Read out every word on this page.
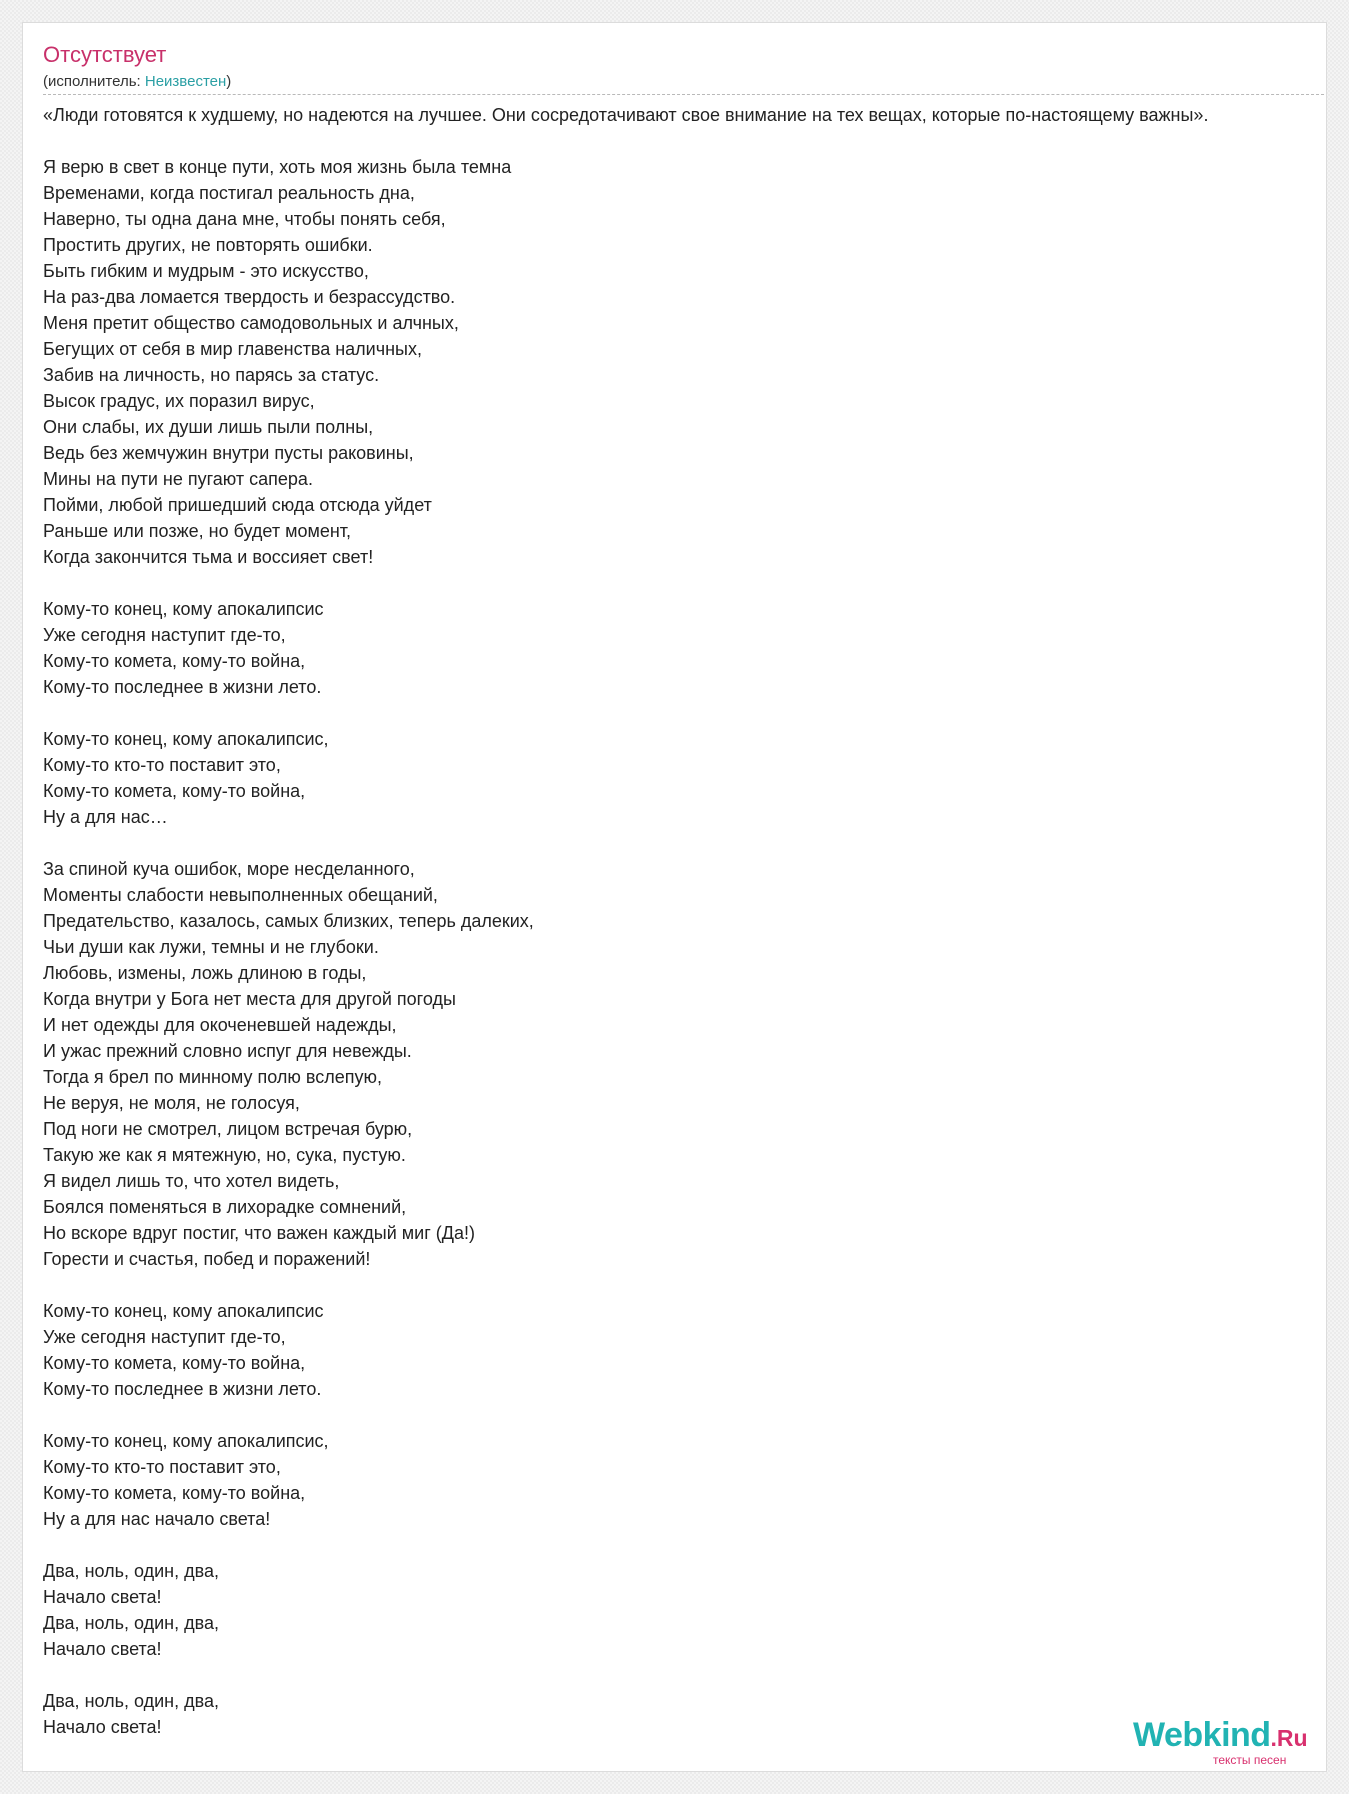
Отсутствует
(исполнитель: Неизвестен)
«Люди готовятся к худшему, но надеются на лучшее. Они сосредотачивают свое внимание на тех вещах, которые по-настоящему важны».
Я верю в свет в конце пути, хоть моя жизнь была темна
Временами, когда постигал реальность дна,
Наверно, ты одна дана мне, чтобы понять себя,
Простить других, не повторять ошибки.
Быть гибким и мудрым - это искусство,
На раз-два ломается твердость и безрассудство.
Меня претит общество самодовольных и алчных,
Бегущих от себя в мир главенства наличных,
Забив на личность, но парясь за статус.
Высок градус, их поразил вирус,
Они слабы, их души лишь пыли полны,
Ведь без жемчужин внутри пусты раковины,
Мины на пути не пугают сапера.
Пойми, любой пришедший сюда отсюда уйдет
Раньше или позже, но будет момент,
Когда закончится тьма и воссияет свет!
Кому-то конец, кому апокалипсис
Уже сегодня наступит где-то,
Кому-то комета, кому-то война,
Кому-то последнее в жизни лето.
Кому-то конец, кому апокалипсис,
Кому-то кто-то поставит это,
Кому-то комета, кому-то война,
Ну а для нас…
За спиной куча ошибок, море несделанного,
Моменты слабости невыполненных обещаний,
Предательство, казалось, самых близких, теперь далеких,
Чьи души как лужи, темны и не глубоки.
Любовь, измены, ложь длиною в годы,
Когда внутри у Бога нет места для другой погоды
И нет одежды для окоченевшей надежды,
И ужас прежний словно испуг для невежды.
Тогда я брел по минному полю вслепую,
Не веруя, не моля, не голосуя,
Под ноги не смотрел, лицом встречая бурю,
Такую же как я мятежную, но, сука, пустую.
Я видел лишь то, что хотел видеть,
Боялся поменяться в лихорадке сомнений,
Но вскоре вдруг постиг, что важен каждый миг (Да!)
Горести и счастья, побед и поражений!
Кому-то конец, кому апокалипсис
Уже сегодня наступит где-то,
Кому-то комета, кому-то война,
Кому-то последнее в жизни лето.
Кому-то конец, кому апокалипсис,
Кому-то кто-то поставит это,
Кому-то комета, кому-то война,
Ну а для нас начало света!
Два, ноль, один, два,
Начало света!
Два, ноль, один, два,
Начало света!
Два, ноль, один, два,
Начало света!	Webkind.Ru
тексты песен
